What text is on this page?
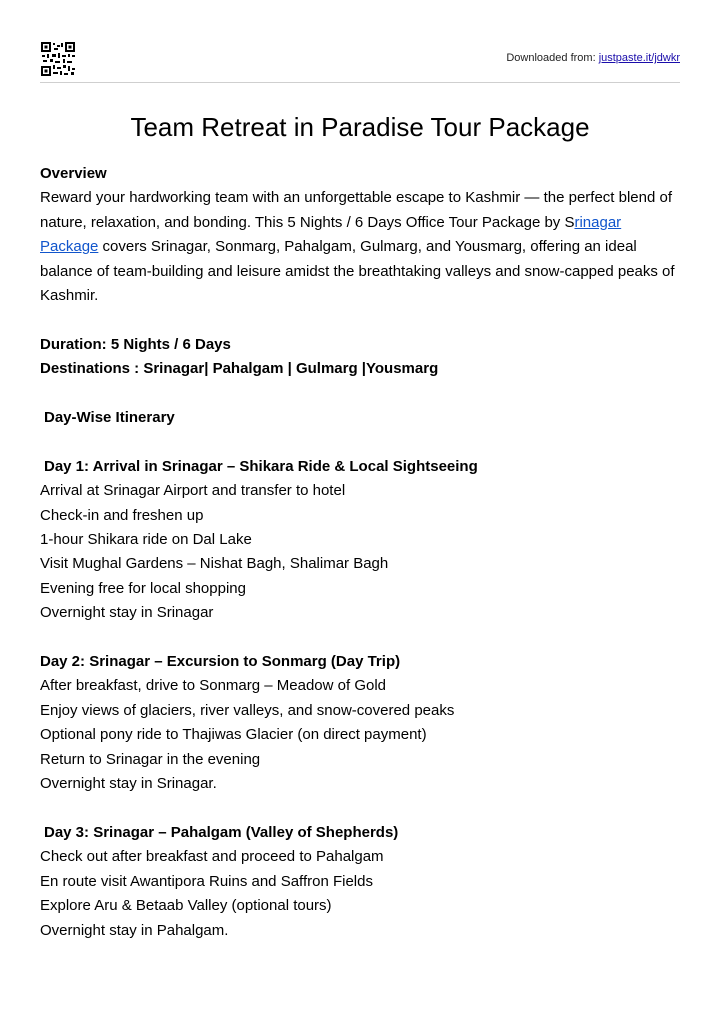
Downloaded from: justpaste.it/jdwkr
Team Retreat in Paradise Tour Package

Overview

Reward your hardworking team with an unforgettable escape to Kashmir — the perfect blend of nature, relaxation, and bonding. This 5 Nights / 6 Days Office Tour Package by Srinagar Package covers Srinagar, Sonmarg, Pahalgam, Gulmarg, and Yousmarg, offering an ideal balance of team-building and leisure amidst the breathtaking valleys and snow-capped peaks of Kashmir.

Duration: 5 Nights / 6 Days

Destinations : Srinagar| Pahalgam | Gulmarg |Yousmarg

Day-Wise Itinerary

Day 1: Arrival in Srinagar – Shikara Ride & Local Sightseeing

Arrival at Srinagar Airport and transfer to hotel

Check-in and freshen up

1-hour Shikara ride on Dal Lake

Visit Mughal Gardens – Nishat Bagh, Shalimar Bagh

Evening free for local shopping

Overnight stay in Srinagar

Day 2: Srinagar – Excursion to Sonmarg (Day Trip)

After breakfast, drive to Sonmarg – Meadow of Gold

Enjoy views of glaciers, river valleys, and snow-covered peaks

Optional pony ride to Thajiwas Glacier (on direct payment)

Return to Srinagar in the evening

Overnight stay in Srinagar.

Day 3: Srinagar – Pahalgam (Valley of Shepherds)

Check out after breakfast and proceed to Pahalgam

En route visit Awantipora Ruins and Saffron Fields

Explore Aru & Betaab Valley (optional tours)

Overnight stay in Pahalgam.
